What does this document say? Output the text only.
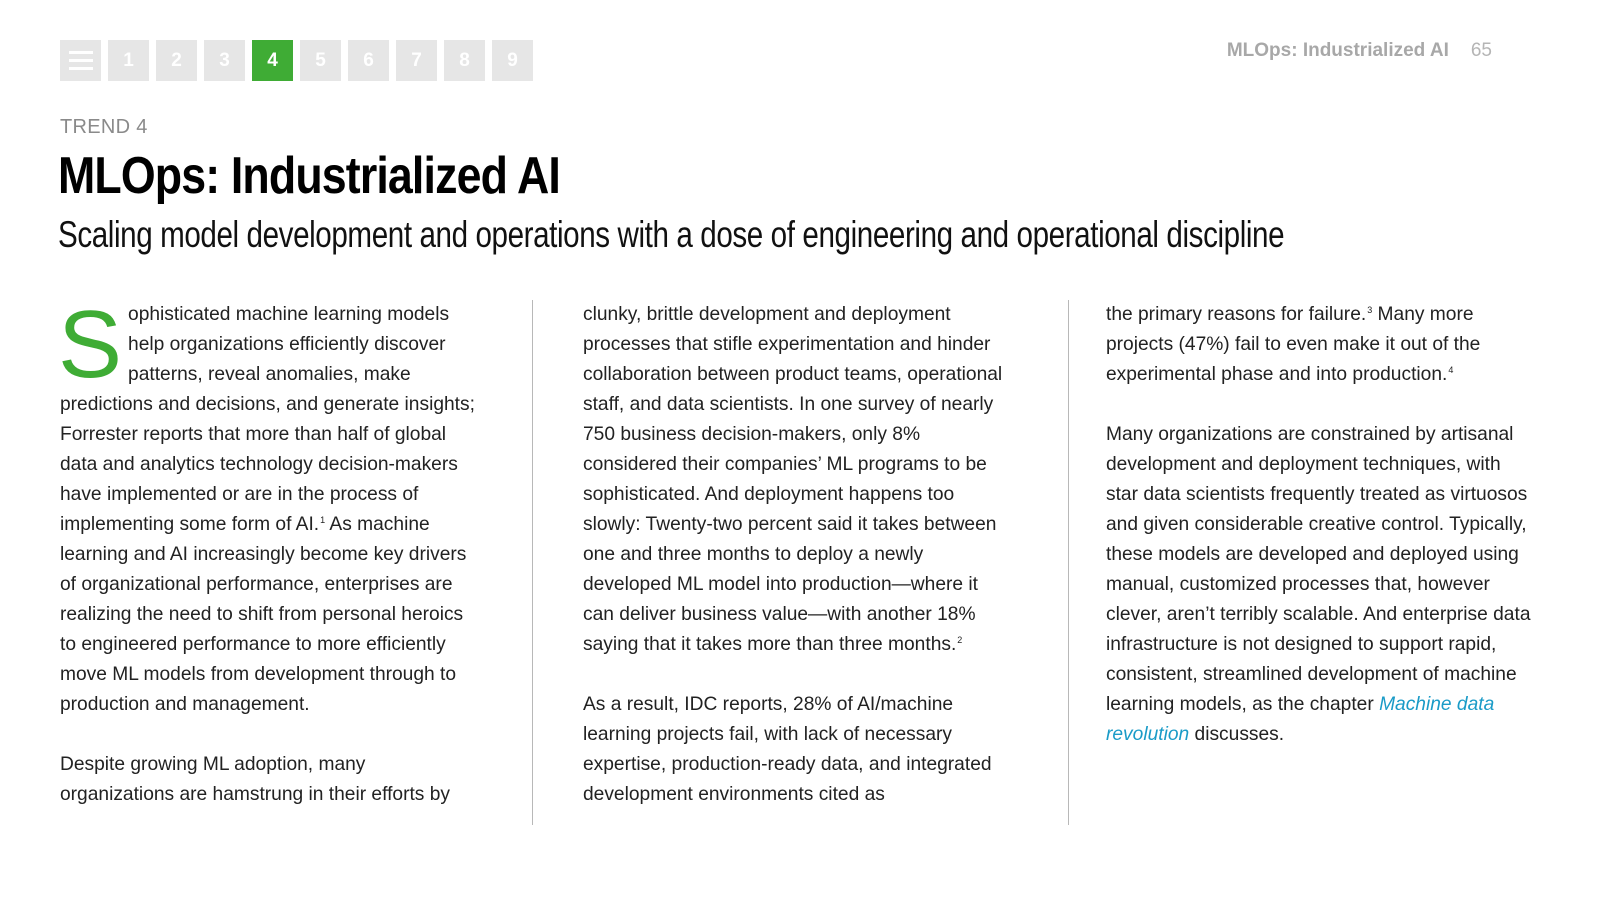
1	2	3	4	5	6	7	8	9	MLOps: Industrialized AI 65
TREND 4
MLOps: Industrialized AI
Scaling model development and operations with a dose of engineering and operational discipline

Sophisticated machine learning models help organizations efficiently discover patterns, reveal anomalies, make predictions and decisions, and generate insights; Forrester reports that more than half of global data and analytics technology decision-makers have implemented or are in the process of implementing some form of AI.$^1$ As machine learning and AI increasingly become key drivers of organizational performance, enterprises are realizing the need to shift from personal heroics to engineered performance to more efficiently move ML models from development through to production and management.

Despite growing ML adoption, many organizations are hamstrung in their efforts by

clunky, brittle development and deployment processes that stifle experimentation and hinder collaboration between product teams, operational staff, and data scientists. In one survey of nearly 750 business decision-makers, only 8% considered their companies’ ML programs to be sophisticated. And deployment happens too slowly: Twenty-two percent said it takes between one and three months to deploy a newly developed ML model into production—where it can deliver business value—with another 18% saying that it takes more than three months.$^2$

As a result, IDC reports, 28% of AI/machine learning projects fail, with lack of necessary expertise, production-ready data, and integrated development environments cited as

the primary reasons for failure.$^3$ Many more projects (47%) fail to even make it out of the experimental phase and into production.$^4$

Many organizations are constrained by artisanal development and deployment techniques, with star data scientists frequently treated as virtuosos and given considerable creative control. Typically, these models are developed and deployed using manual, customized processes that, however clever, aren’t terribly scalable. And enterprise data infrastructure is not designed to support rapid, consistent, streamlined development of machine learning models, as the chapter Machine data revolution discusses.
